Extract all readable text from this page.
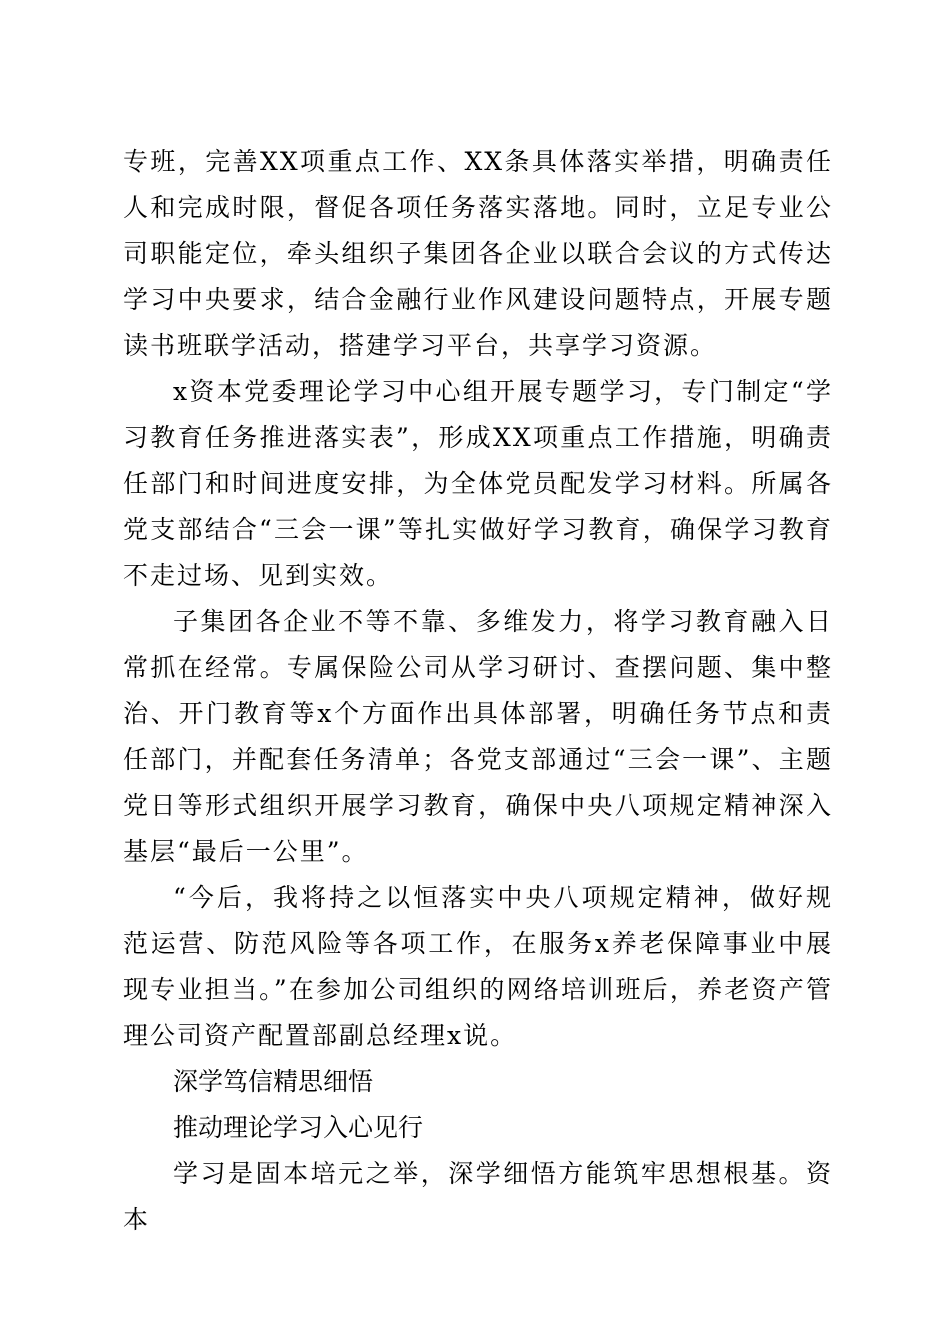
专班，完善XX项重点工作、XX条具体落实举措，明确责任人和完成时限，督促各项任务落实落地。同时，立足专业公司职能定位，牵头组织子集团各企业以联合会议的方式传达学习中央要求，结合金融行业作风建设问题特点，开展专题读书班联学活动，搭建学习平台，共享学习资源。

x资本党委理论学习中心组开展专题学习，专门制定“学习教育任务推进落实表”，形成XX项重点工作措施，明确责任部门和时间进度安排，为全体党员配发学习材料。所属各党支部结合“三会一课”等扎实做好学习教育，确保学习教育不走过场、见到实效。

子集团各企业不等不靠、多维发力，将学习教育融入日常抓在经常。专属保险公司从学习研讨、查摆问题、集中整治、开门教育等x个方面作出具体部署，明确任务节点和责任部门，并配套任务清单；各党支部通过“三会一课”、主题党日等形式组织开展学习教育，确保中央八项规定精神深入基层“最后一公里”。

“今后，我将持之以恒落实中央八项规定精神，做好规范运营、防范风险等各项工作，在服务x养老保障事业中展现专业担当。”在参加公司组织的网络培训班后，养老资产管理公司资产配置部副总经理x说。

深学笃信精思细悟

推动理论学习入心见行

学习是固本培元之举，深学细悟方能筑牢思想根基。资本
